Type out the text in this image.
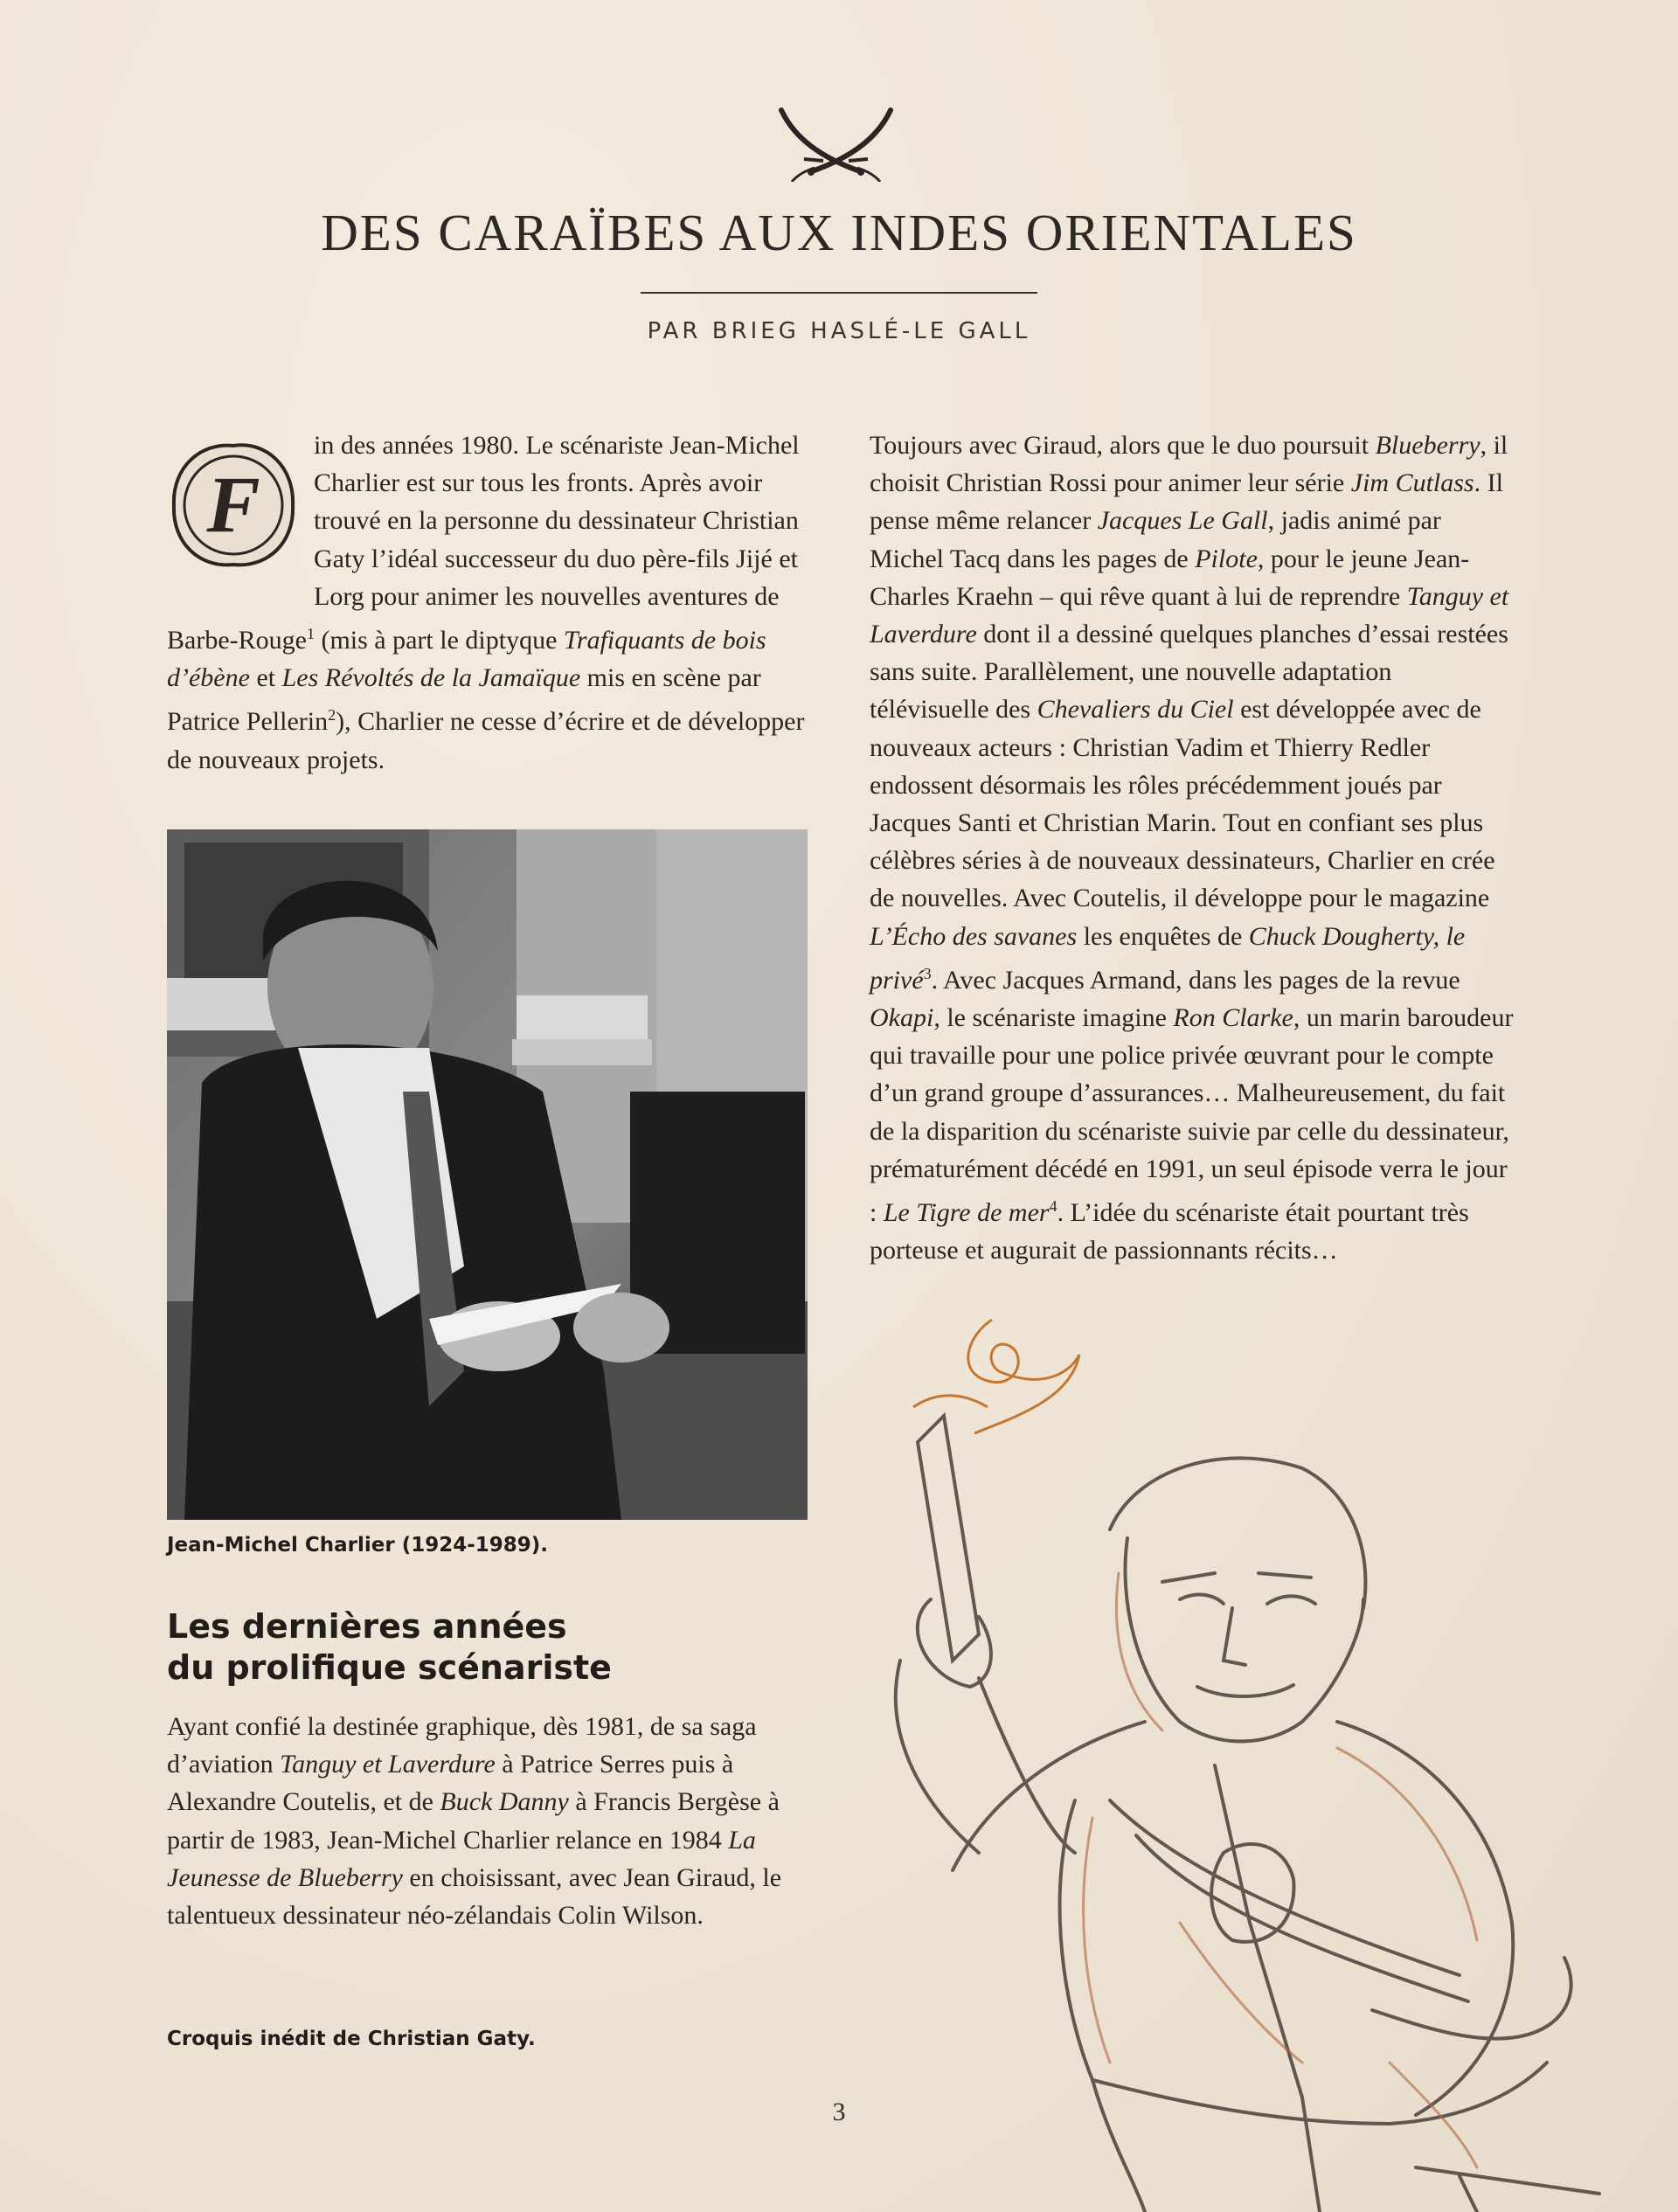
DES CARAÏBES AUX INDES ORIENTALES
PAR BRIEG HASLÉ-LE GALL
F

in des années 1980. Le scénariste Jean-Michel Charlier est sur tous les fronts. Après avoir trouvé en la personne du dessinateur Christian Gaty l’idéal successeur du duo père-fils Jijé et Lorg pour animer les nouvelles aventures de Barbe-Rouge$^1$ (mis à part le diptyque Trafiquants de bois d’ébène et Les Révoltés de la Jamaïque mis en scène par Patrice Pellerin$^2$), Charlier ne cesse d’écrire et de développer de nouveaux projets.

Jean-Michel Charlier (1924-1989).
Les dernières années
du prolifique scénariste

Ayant confié la destinée graphique, dès 1981, de sa saga d’aviation Tanguy et Laverdure à Patrice Serres puis à Alexandre Coutelis, et de Buck Danny à Francis Bergèse à partir de 1983, Jean-Michel Charlier relance en 1984 La Jeunesse de Blueberry en choisissant, avec Jean Giraud, le talentueux dessinateur néo-zélandais Colin Wilson.

Croquis inédit de Christian Gaty.

Toujours avec Giraud, alors que le duo poursuit Blueberry, il choisit Christian Rossi pour animer leur série Jim Cutlass. Il pense même relancer Jacques Le Gall, jadis animé par Michel Tacq dans les pages de Pilote, pour le jeune Jean-Charles Kraehn – qui rêve quant à lui de reprendre Tanguy et Laverdure dont il a dessiné quelques planches d’essai restées sans suite. Parallèlement, une nouvelle adaptation télévisuelle des Chevaliers du Ciel est développée avec de nouveaux acteurs : Christian Vadim et Thierry Redler endossent désormais les rôles précédemment joués par Jacques Santi et Christian Marin. Tout en confiant ses plus célèbres séries à de nouveaux dessinateurs, Charlier en crée de nouvelles. Avec Coutelis, il développe pour le magazine L’Écho des savanes les enquêtes de Chuck Dougherty, le privé$^3$. Avec Jacques Armand, dans les pages de la revue Okapi, le scénariste imagine Ron Clarke, un marin baroudeur qui travaille pour une police privée œuvrant pour le compte d’un grand groupe d’assurances… Malheureusement, du fait de la disparition du scénariste suivie par celle du dessinateur, prématurément décédé en 1991, un seul épisode verra le jour : Le Tigre de mer$^4$. L’idée du scénariste était pourtant très porteuse et augurait de passionnants récits…

3
